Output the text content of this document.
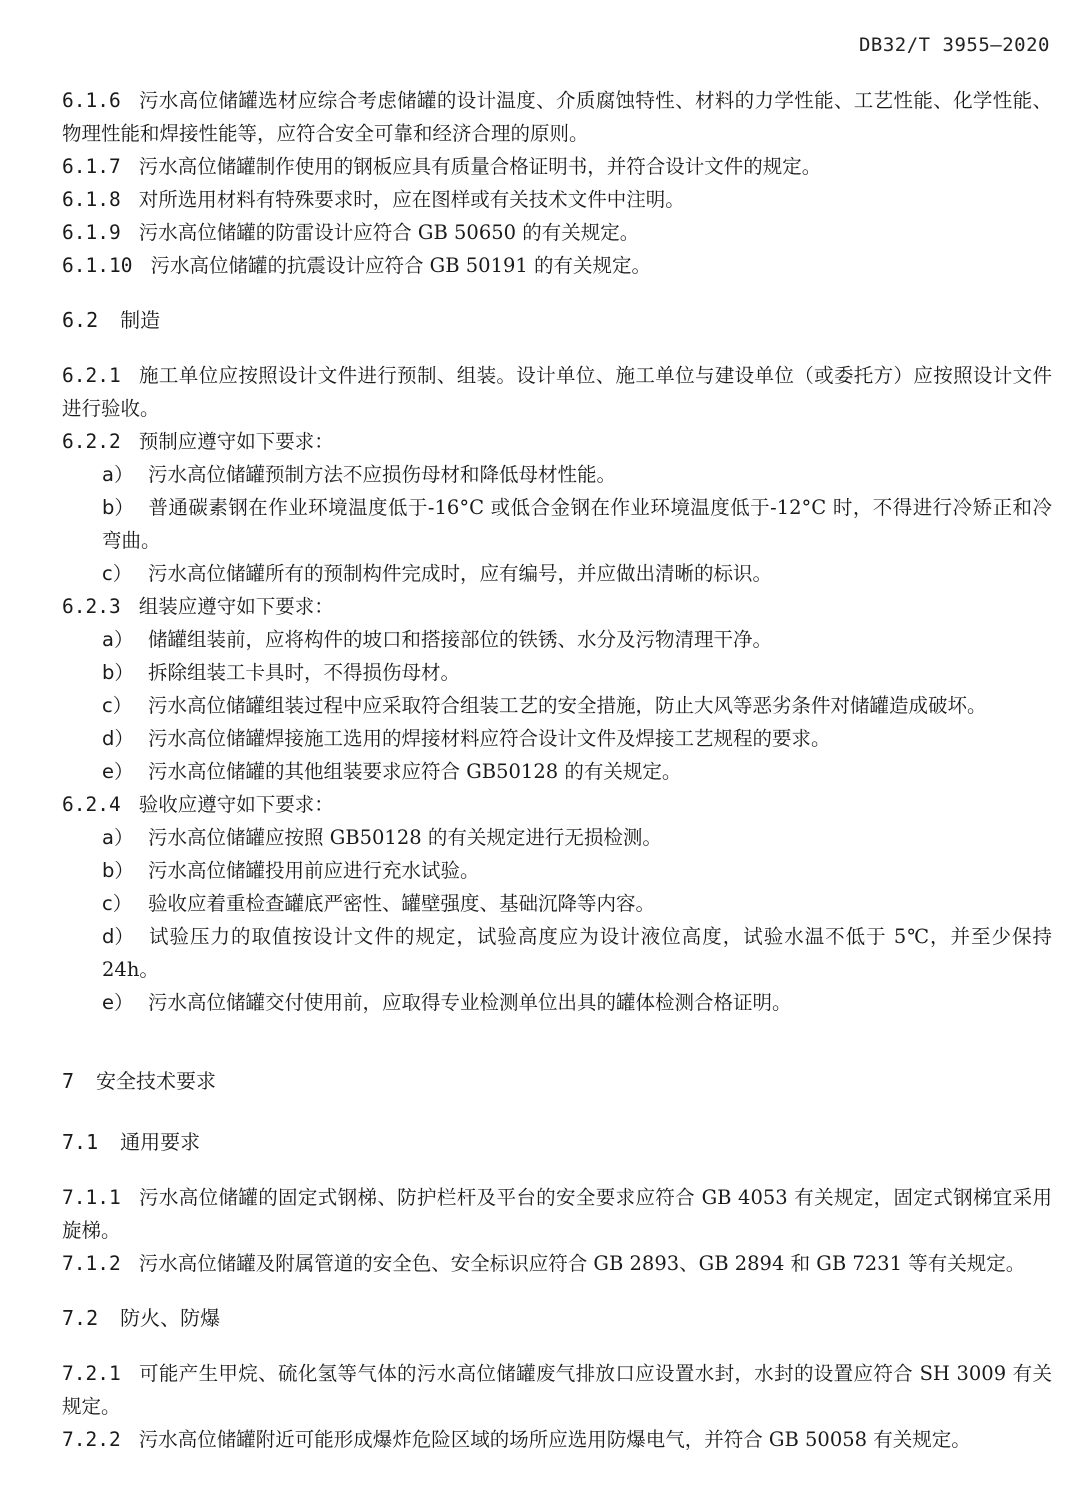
DB32/T 3955—2020

6.1.6 污水高位储罐选材应综合考虑储罐的设计温度、介质腐蚀特性、材料的力学性能、工艺性能、化学性能、物理性能和焊接性能等，应符合安全可靠和经济合理的原则。

6.1.7 污水高位储罐制作使用的钢板应具有质量合格证明书，并符合设计文件的规定。

6.1.8 对所选用材料有特殊要求时，应在图样或有关技术文件中注明。

6.1.9 污水高位储罐的防雷设计应符合 GB 50650 的有关规定。

6.1.10 污水高位储罐的抗震设计应符合 GB 50191 的有关规定。

6.2 制造

6.2.1 施工单位应按照设计文件进行预制、组装。设计单位、施工单位与建设单位（或委托方）应按照设计文件进行验收。

6.2.2 预制应遵守如下要求：

a） 污水高位储罐预制方法不应损伤母材和降低母材性能。

b） 普通碳素钢在作业环境温度低于-16°C 或低合金钢在作业环境温度低于-12°C 时，不得进行冷矫正和冷弯曲。

c） 污水高位储罐所有的预制构件完成时，应有编号，并应做出清晰的标识。

6.2.3 组装应遵守如下要求：

a） 储罐组装前，应将构件的坡口和搭接部位的铁锈、水分及污物清理干净。

b） 拆除组装工卡具时，不得损伤母材。

c） 污水高位储罐组装过程中应采取符合组装工艺的安全措施，防止大风等恶劣条件对储罐造成破坏。

d） 污水高位储罐焊接施工选用的焊接材料应符合设计文件及焊接工艺规程的要求。

e） 污水高位储罐的其他组装要求应符合 GB50128 的有关规定。

6.2.4 验收应遵守如下要求：

a） 污水高位储罐应按照 GB50128 的有关规定进行无损检测。

b） 污水高位储罐投用前应进行充水试验。

c） 验收应着重检查罐底严密性、罐壁强度、基础沉降等内容。

d） 试验压力的取值按设计文件的规定，试验高度应为设计液位高度，试验水温不低于 5℃，并至少保持 24h。

e） 污水高位储罐交付使用前，应取得专业检测单位出具的罐体检测合格证明。

7 安全技术要求

7.1 通用要求

7.1.1 污水高位储罐的固定式钢梯、防护栏杆及平台的安全要求应符合 GB 4053 有关规定，固定式钢梯宜采用旋梯。

7.1.2 污水高位储罐及附属管道的安全色、安全标识应符合 GB 2893、GB 2894 和 GB 7231 等有关规定。

7.2 防火、防爆

7.2.1 可能产生甲烷、硫化氢等气体的污水高位储罐废气排放口应设置水封，水封的设置应符合 SH 3009 有关规定。

7.2.2 污水高位储罐附近可能形成爆炸危险区域的场所应选用防爆电气，并符合 GB 50058 有关规定。
